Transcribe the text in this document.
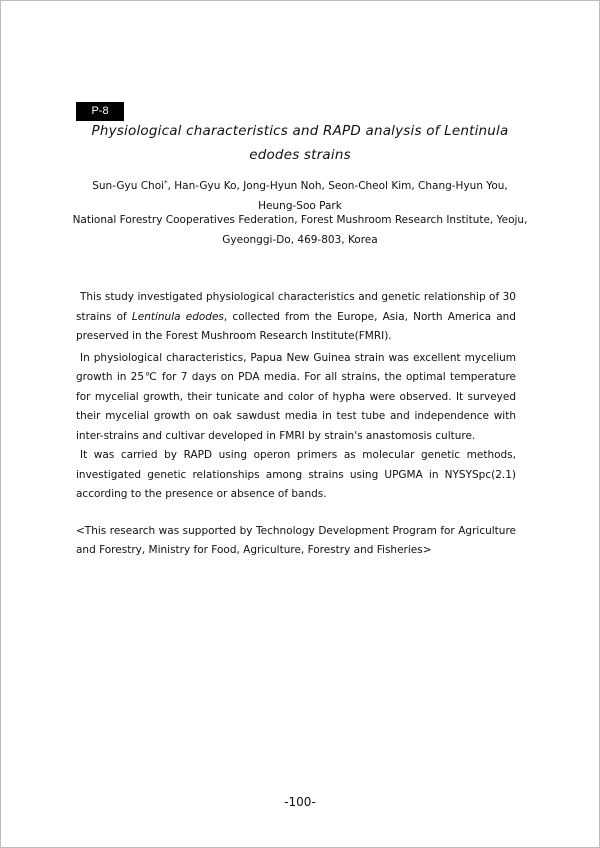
P-8
Physiological characteristics and RAPD analysis of Lentinula
edodes strains
Sun-Gyu Choi*, Han-Gyu Ko, Jong-Hyun Noh, Seon-Cheol Kim, Chang-Hyun You,
Heung-Soo Park
National Forestry Cooperatives Federation, Forest Mushroom Research Institute, Yeoju,
Gyeonggi-Do, 469-803, Korea

This study investigated physiological characteristics and genetic relationship of 30 strains of Lentinula edodes, collected from the Europe, Asia, North America and preserved in the Forest Mushroom Research Institute(FMRI).

In physiological characteristics, Papua New Guinea strain was excellent mycelium growth in 25℃ for 7 days on PDA media. For all strains, the optimal temperature for mycelial growth, their tunicate and color of hypha were observed. It surveyed their mycelial growth on oak sawdust media in test tube and independence with inter-strains and cultivar developed in FMRI by strain's anastomosis culture.

It was carried by RAPD using operon primers as molecular genetic methods, investigated genetic relationships among strains using UPGMA in NYSYSpc(2.1) according to the presence or absence of bands.

<This research was supported by Technology Development Program for Agriculture and Forestry, Ministry for Food, Agriculture, Forestry and Fisheries>

-100-
